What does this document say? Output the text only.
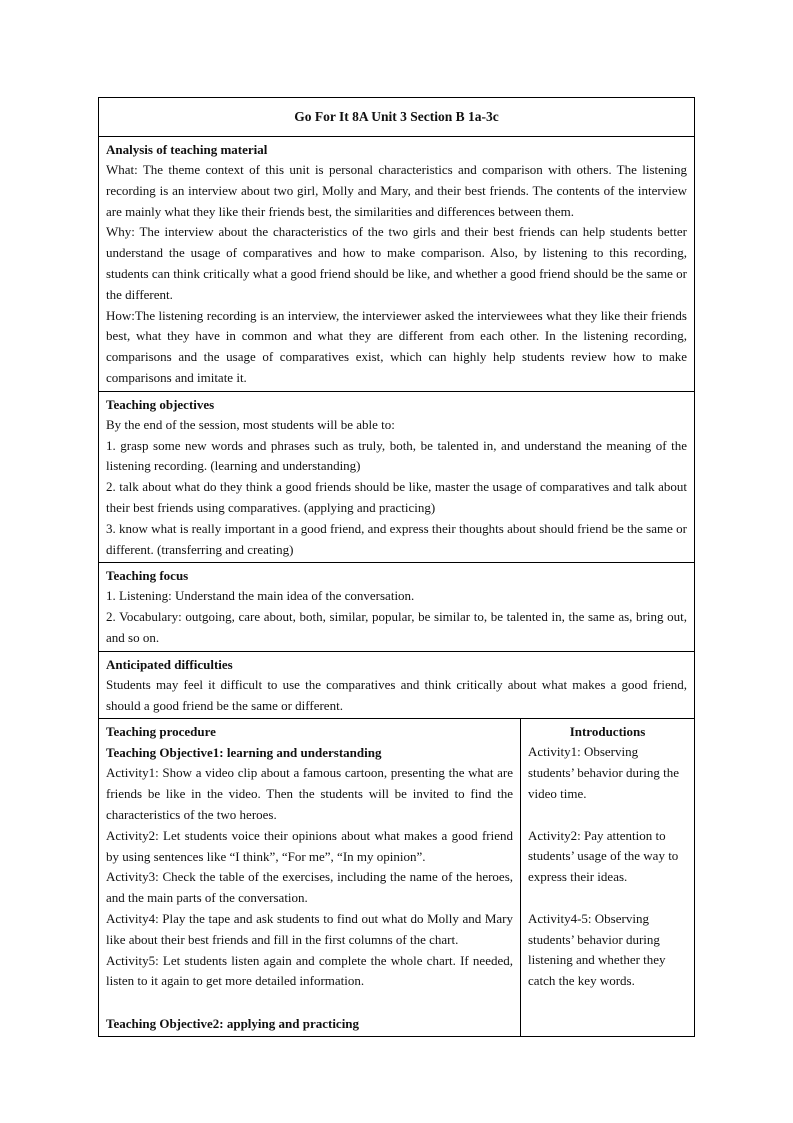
Go For It 8A Unit 3 Section B 1a-3c
Analysis of teaching material

What: The theme context of this unit is personal characteristics and comparison with others. The listening recording is an interview about two girl, Molly and Mary, and their best friends. The contents of the interview are mainly what they like their friends best, the similarities and differences between them.

Why: The interview about the characteristics of the two girls and their best friends can help students better understand the usage of comparatives and how to make comparison. Also, by listening to this recording, students can think critically what a good friend should be like, and whether a good friend should be the same or the different.

How:The listening recording is an interview, the interviewer asked the interviewees what they like their friends best, what they have in common and what they are different from each other. In the listening recording, comparisons and the usage of comparatives exist, which can highly help students review how to make comparisons and imitate it.

Teaching objectives

By the end of the session, most students will be able to:

1. grasp some new words and phrases such as truly, both, be talented in, and understand the meaning of the listening recording. (learning and understanding)

2. talk about what do they think a good friends should be like, master the usage of comparatives and talk about their best friends using comparatives. (applying and practicing)

3. know what is really important in a good friend, and express their thoughts about should friend be the same or different. (transferring and creating)

Teaching focus

1. Listening: Understand the main idea of the conversation.

2. Vocabulary: outgoing, care about, both, similar, popular, be similar to, be talented in, the same as, bring out, and so on.

Anticipated difficulties

Students may feel it difficult to use the comparatives and think critically about what makes a good friend, should a good friend be the same or different.

Teaching procedure
Teaching Objective1: learning and understanding

Activity1: Show a video clip about a famous cartoon, presenting the what are friends be like in the video. Then the students will be invited to find the characteristics of the two heroes.

Activity2: Let students voice their opinions about what makes a good friend by using sentences like “I think”, “For me”, “In my opinion”.

Activity3: Check the table of the exercises, including the name of the heroes, and the main parts of the conversation.

Activity4: Play the tape and ask students to find out what do Molly and Mary like about their best friends and fill in the first columns of the chart.

Activity5: Let students listen again and complete the whole chart. If needed, listen to it again to get more detailed information.

Teaching Objective2: applying and practicing
Introductions

Activity1: Observing students’ behavior during the video time.

Activity2: Pay attention to students’ usage of the way to express their ideas.

Activity4-5: Observing students’ behavior during listening and whether they catch the key words.
